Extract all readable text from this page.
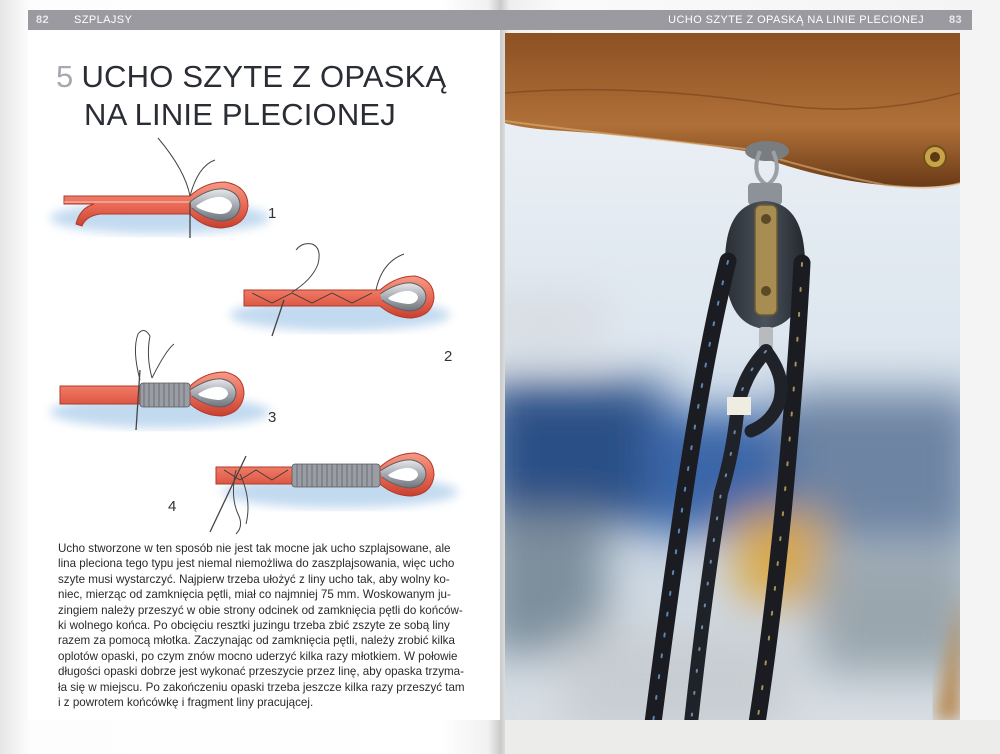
82 SZPLAJSY
5 UCHO SZYTE Z OPASKĄ
NA LINIE PLECIONEJ
1
2
3
4
Ucho stworzone w ten sposób nie jest tak mocne jak ucho szplajsowane, ale
lina pleciona tego typu jest niemal niemożliwa do zaszplajsowania, więc ucho
szyte musi wystarczyć. Najpierw trzeba ułożyć z liny ucho tak, aby wolny ko-
niec, mierząc od zamknięcia pętli, miał co najmniej 75 mm. Woskowanym ju-
zingiem należy przeszyć w obie strony odcinek od zamknięcia pętli do końców-
ki wolnego końca. Po obcięciu resztki juzingu trzeba zbić zszyte ze sobą liny
razem za pomocą młotka. Zaczynając od zamknięcia pętli, należy zrobić kilka
oplotów opaski, po czym znów mocno uderzyć kilka razy młotkiem. W połowie
długości opaski dobrze jest wykonać przeszycie przez linę, aby opaska trzyma-
ła się w miejscu. Po zakończeniu opaski trzeba jeszcze kilka razy przeszyć tam
i z powrotem końcówkę i fragment liny pracującej.
UCHO SZYTE Z OPASKĄ NA LINIE PLECIONEJ 83
